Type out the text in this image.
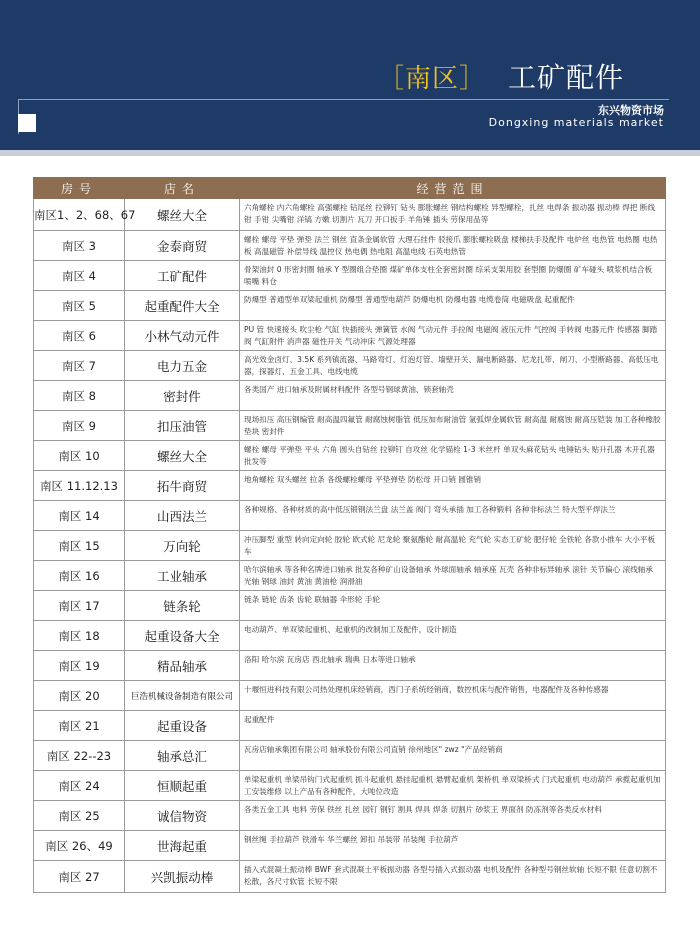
［南区］ 工矿配件
东兴物资市场
Dongxing materials market
房号	店名	经营范围
南区1、2、68、67	螺丝大全	六角螺栓 内六角螺栓 高强螺栓 钻尾丝 拉铆钉 钻头 膨胀螺丝 钢结构螺栓 异型螺栓，扎丝 电焊条 振动器 振动棒 焊把 断线钳 手钳 尖嘴钳 洋镐 方嫩 切割片 瓦刀 开口扳手 羊角锤 插头 劳保用品等
南区 3	金泰商贸	螺栓 螺母 平垫 弹垫 法兰 钢丝 直条金属软管 大理石挂件 驳接爪 膨胀螺栓吸盘 楼梯扶手及配件 电炉丝 电热管 电热圈 电热板 高温磁管 补偿导线 温控仪 热电偶 热电阻 高温电线 石英电热管
南区 4	工矿配件	骨架油封 0 形密封圈 轴承 Y 型圈组合垫圈 煤矿单体支柱全套密封圈 综采支架用胶 套型圈 防爆圈 矿车碰头 喷浆机结合板 喷嘴 料仓
南区 5	起重配件大全	防爆型 普通型单双梁起重机 防爆型 普通型电葫芦 防爆电机 防爆电器 电缆卷筒 电磁吸盘 起重配件
南区 6	小林气动元件	PU 管 快速接头 吹尘枪 气缸 快插接头 弹簧管 水阀 气动元件 手拉阀 电磁阀 液压元件 气控阀 手转阀 电器元件 传感器 脚踏阀 气缸附件 消声器 磁性开关 气动冲床 气源处理器
南区 7	电力五金	高光效金卤灯、3.5K 系列镇流器、马路弯灯、灯泡灯管、墙壁开关、漏电断路器、尼龙扎带、闸刀、小型断路器、高低压电器，探器灯、五金工具、电线电缆
南区 8	密封件	各类国产 进口轴承及附属材料配件 各型号钢球黄油、锁套轴壳
南区 9	扣压油管	现场扣压 高压钢编管 耐高温四氟管 耐腐蚀树脂管 低压加布耐油管 氩弧焊金属软管 耐高温 耐腐蚀 耐高压铠装 加工各种橡胶垫块 密封件
南区 10	螺丝大全	螺栓 螺母 平弹垫 平头 六角 圆头自钻丝 拉铆钉 自攻丝 化学锚栓 1-3 米丝杆 单双头麻花钻头 电锤钻头 贴升孔器 木开孔器 批发等
南区 11.12.13	拓牛商贸	地角螺栓 双头螺丝 拉条 各级螺栓螺母 平垫弹垫 防松母 开口销 圆锥销
南区 14	山西法兰	各种规格、各种材质的高中低压锻钢法兰盘 法兰盖 阀门 弯头承插 加工各种锻料 各种非标法兰 特大型平焊法兰
南区 15	万向轮	冲压脚型 重型 转向定向轮 胶轮 欧式轮 尼龙轮 聚氨酯轮 耐高温轮 充气轮 实态工矿轮 肥仔轮 全铁轮 各款小推车 大小平板车
南区 16	工业轴承	哈尔滨轴承 等各种名牌进口轴承 批发各种矿山设备轴承 外球面轴承 轴承座 瓦壳 各种非标异轴承 滚针 关节偏心 滚线轴承 光轴 钢球 油封 黄油 黄油枪 润滑油
南区 17	链条轮	链条 链轮 齿条 齿轮 联轴器 伞形轮 手轮
南区 18	起重设备大全	电动葫芦、单双梁起重机、起重机的改制加工及配件，设计制造
南区 19	精品轴承	洛阳 哈尔滨 瓦房店 西北轴承 瑞典 日本等进口轴承
南区 20	巨浩机械设备制造有限公司	十堰恒进科技有限公司热处理机床经销商，西门子系统经销商，数控机床与配件销售，电器配件及各种传感器
南区 21	起重设备	起重配件
南区 22--23	轴承总汇	瓦房店轴承集团有限公司 轴承股份有限公司直销 徐州地区" zwz "产品经销商
南区 24	恒顺起重	单梁起重机 单梁吊钩门式起重机 抓斗起重机 悬挂起重机 悬臂起重机 架桥机 单双梁桥式 门式起重机 电动葫芦 承揽起重机加工安装维修 以上产品有各种配件，大吨位改造
南区 25	诚信物资	各类五金工具 电料 劳保 铁丝 扎丝 园钉 钢钉 割具 焊具 焊条 切割片 砂浆王 界面剂 防冻剂等各类反水材料
南区 26、49	世海起重	钢丝绳 手拉葫芦 铁滑车 华兰螺丝 卸扣 吊装带 吊装绳 手拉葫芦
南区 27	兴凯振动棒	插入式混凝土振动棒 BWF 套式混凝土平板振动器 各型号插入式振动器 电机及配件 各种型号钢丝软轴 长短不限 任意切割不松散，各尺寸软管 长短不限
